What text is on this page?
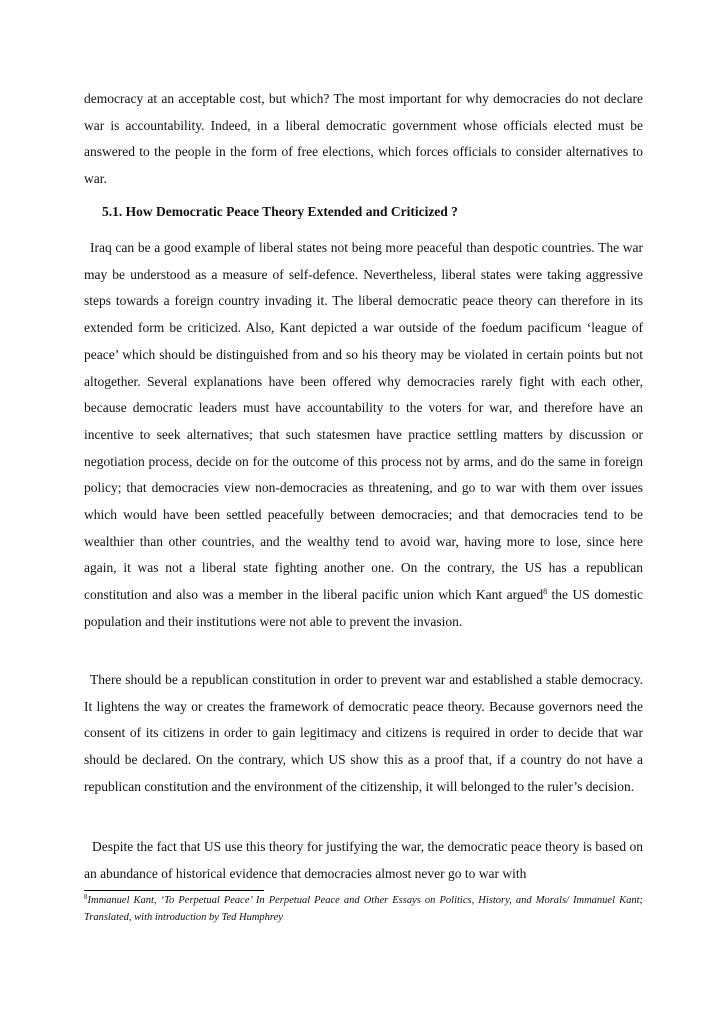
democracy at an acceptable cost, but which? The most important for why democracies do not declare war is accountability. Indeed, in a liberal democratic government whose officials elected must be answered to the people in the form of free elections, which forces officials to consider alternatives to war.

5.1. How Democratic Peace Theory Extended and Criticized ?

Iraq can be a good example of liberal states not being more peaceful than despotic countries. The war may be understood as a measure of self-defence. Nevertheless, liberal states were taking aggressive steps towards a foreign country invading it. The liberal democratic peace theory can therefore in its extended form be criticized. Also, Kant depicted a war outside of the foedum pacificum ‘league of peace’ which should be distinguished from and so his theory may be violated in certain points but not altogether. Several explanations have been offered why democracies rarely fight with each other, because democratic leaders must have accountability to the voters for war, and therefore have an incentive to seek alternatives; that such statesmen have practice settling matters by discussion or negotiation process, decide on for the outcome of this process not by arms, and do the same in foreign policy; that democracies view non-democracies as threatening, and go to war with them over issues which would have been settled peacefully between democracies; and that democracies tend to be wealthier than other countries, and the wealthy tend to avoid war, having more to lose, since here again, it was not a liberal state fighting another one. On the contrary, the US has a republican constitution and also was a member in the liberal pacific union which Kant argued$^8$ the US domestic population and their institutions were not able to prevent the invasion.

There should be a republican constitution in order to prevent war and established a stable democracy. It lightens the way or creates the framework of democratic peace theory. Because governors need the consent of its citizens in order to gain legitimacy and citizens is required in order to decide that war should be declared. On the contrary, which US show this as a proof that, if a country do not have a republican constitution and the environment of the citizenship, it will belonged to the ruler’s decision.

Despite the fact that US use this theory for justifying the war, the democratic peace theory is based on an abundance of historical evidence that democracies almost never go to war with

$^8$Immanuel Kant, ‘To Perpetual Peace’ In Perpetual Peace and Other Essays on Politics, History, and Morals/ Immanuel Kant; Translated, with introduction by Ted Humphrey
